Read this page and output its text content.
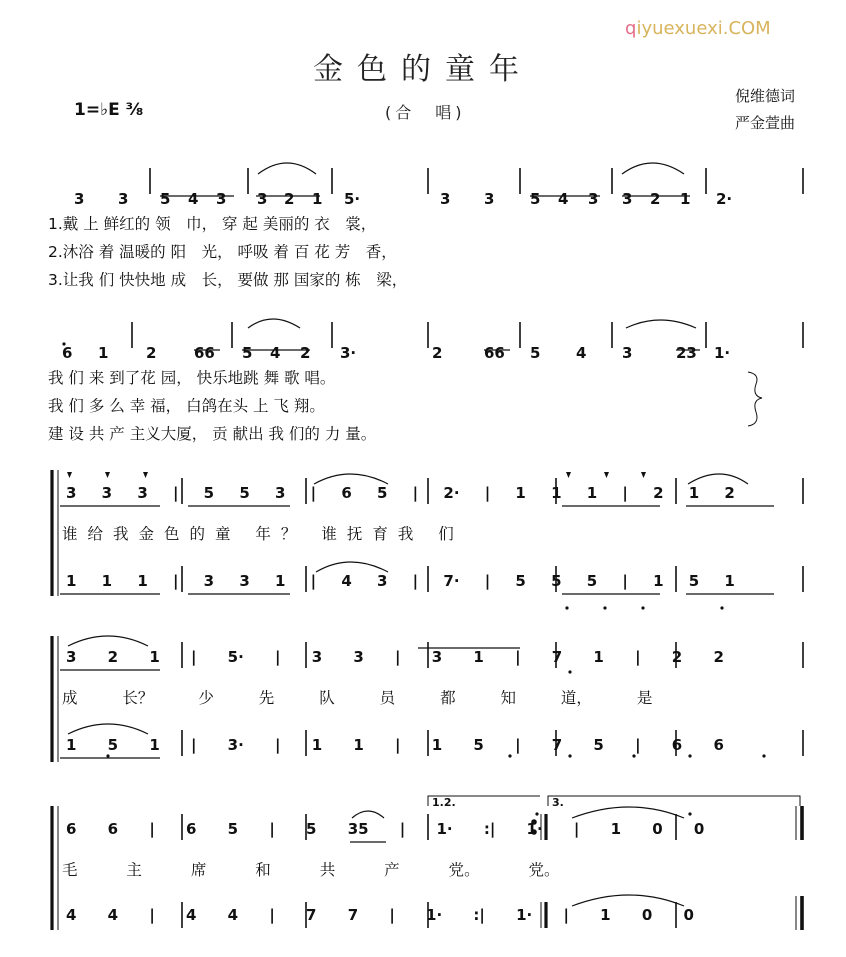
qiyuexuexi.COM
金色的童年
(合　唱)
1=♭E ⅜
倪维德词
严金萱曲

3 3 5 4 3 3 2 1 5·	3 3 5 4 3 3 2 1 2·

1.戴 上 鲜红的 领　巾， 穿 起 美丽的 衣　裳，
2.沐浴 着 温暖的 阳　光， 呼吸 着 百 花 芳　香，
3.让我 们 快快地 成　长， 要做 那 国家的 栋　梁，

6 1	2	66 5 4 2 3·	2	66 5 4 3	23 1·

我 们 来 到了花 园， 快乐地跳 舞 歌 唱。
我 们 多 么 幸 福， 白鸽在头 上 飞 翔。
建 设 共 产 主义大厦， 贡 献出 我 们的 力 量。
3 3 3 | 5 5 3 | 6 5 | 2· | 1 1 1 | 2 1 2
谁给我金色的童 年？ 谁抚育我 们
1 1 1 | 3 3 1 | 4 3 | 7· | 5 5 5 | 1 5 1
3 2 1 | 5· | 3 3 | 3 1 | 7 1 | 2 2
成 长？ 少 先 队 员 都 知 道， 是
1 5 1 | 3· | 1 1 | 1 5 | 7 5 | 6 6
1.2.	3.
6 6 | 6 5 | 5 35 | 1· :| 1· | 1 0 0
毛 主 席 和 共 产 党。 党。
4 4 | 4 4 | 7 7 | 1· :| 1· | 1 0 0
